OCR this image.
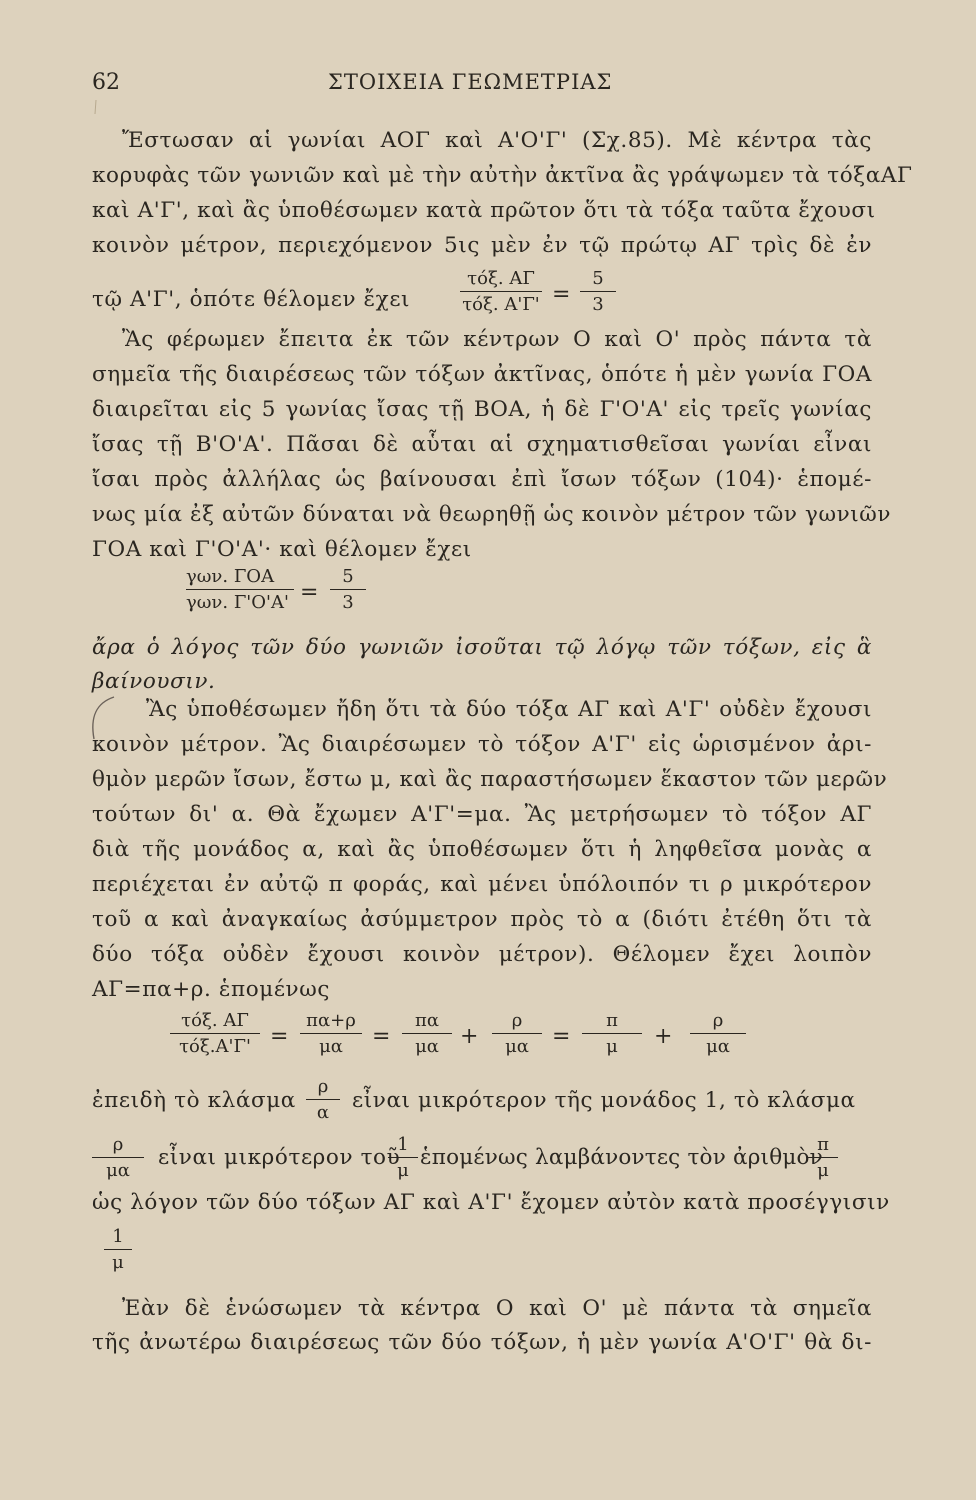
62	ΣΤΟΙΧΕΙΑ ΓΕΩΜΕΤΡΙΑΣ
Ἔστωσαν αἱ γωνίαι ΑΟΓ καὶ Α'Ο'Γ' (Σχ.85). Μὲ κέντρα τὰς
κορυφὰς τῶν γωνιῶν καὶ μὲ τὴν αὐτὴν ἀκτῖνα ἂς γράψωμεν τὰ τόξαΑΓ
καὶ Α'Γ', καὶ ἂς ὑποθέσωμεν κατὰ πρῶτον ὅτι τὰ τόξα ταῦτα ἔχουσι
κοινὸν μέτρον, περιεχόμενον 5ις μὲν ἐν τῷ πρώτῳ ΑΓ τρὶς δὲ ἐν
τῷ Α'Γ', ὁπότε θέλομεν ἔχει
τόξ. ΑΓ
τόξ. Α'Γ' =
5
3
Ἂς φέρωμεν ἔπειτα ἐκ τῶν κέντρων Ο καὶ Ο' πρὸς πάντα τὰ
σημεῖα τῆς διαιρέσεως τῶν τόξων ἀκτῖνας, ὁπότε ἡ μὲν γωνία ΓΟΑ
διαιρεῖται εἰς 5 γωνίας ἴσας τῇ ΒΟΑ, ἡ δὲ Γ'Ο'Α' εἰς τρεῖς γωνίας
ἴσας τῇ Β'Ο'Α'. Πᾶσαι δὲ αὗται αἱ σχηματισθεῖσαι γωνίαι εἶναι
ἴσαι πρὸς ἀλλήλας ὡς βαίνουσαι ἐπὶ ἴσων τόξων (104)· ἑπομέ-
νως μία ἐξ αὐτῶν δύναται νὰ θεωρηθῇ ὡς κοινὸν μέτρον τῶν γωνιῶν
ΓΟΑ καὶ Γ'Ο'Α'· καὶ θέλομεν ἔχει
γων. ΓΟΑ
γων. Γ'Ο'Α' =
5
3
ἄρα ὁ λόγος τῶν δύο γωνιῶν ἰσοῦται τῷ λόγῳ τῶν τόξων, εἰς ἃ
βαίνουσιν.
Ἂς ὑποθέσωμεν ἤδη ὅτι τὰ δύο τόξα ΑΓ καὶ Α'Γ' οὐδὲν ἔχουσι
κοινὸν μέτρον. Ἂς διαιρέσωμεν τὸ τόξον Α'Γ' εἰς ὡρισμένον ἀρι-
θμὸν μερῶν ἴσων, ἔστω μ, καὶ ἂς παραστήσωμεν ἕκαστον τῶν μερῶν
τούτων δι' α. Θὰ ἔχωμεν Α'Γ'=μα. Ἂς μετρήσωμεν τὸ τόξον ΑΓ
διὰ τῆς μονάδος α, καὶ ἂς ὑποθέσωμεν ὅτι ἡ ληφθεῖσα μονὰς α
περιέχεται ἐν αὐτῷ π φοράς, καὶ μένει ὑπόλοιπόν τι ρ μικρότερον
τοῦ α καὶ ἀναγκαίως ἀσύμμετρον πρὸς τὸ α (διότι ἐτέθη ὅτι τὰ
δύο τόξα οὐδὲν ἔχουσι κοινὸν μέτρον). Θέλομεν ἔχει λοιπὸν
ΑΓ=πα+ρ. ἑπομένως
τόξ. ΑΓ
τόξ.Α'Γ' =
πα+ρ
μα	=
πα
μα +
ρ
μα	=
π
μ	+
ρ
μα
ἐπειδὴ τὸ κλάσμα
ρ
α	εἶναι μικρότερον τῆς μονάδος 1, τὸ κλάσμα
ρ
μα
εἶναι μικρότερον τοῦ
1
μ
ἑπομένως λαμβάνοντες τὸν ἀριθμὸν
π
μ
ὡς λόγον τῶν δύο τόξων ΑΓ καὶ Α'Γ' ἔχομεν αὐτὸν κατὰ προσέγγισιν
1
μ
Ἐὰν δὲ ἑνώσωμεν τὰ κέντρα Ο καὶ Ο' μὲ πάντα τὰ σημεῖα
τῆς ἀνωτέρω διαιρέσεως τῶν δύο τόξων, ἡ μὲν γωνία Α'Ο'Γ' θὰ δι-
